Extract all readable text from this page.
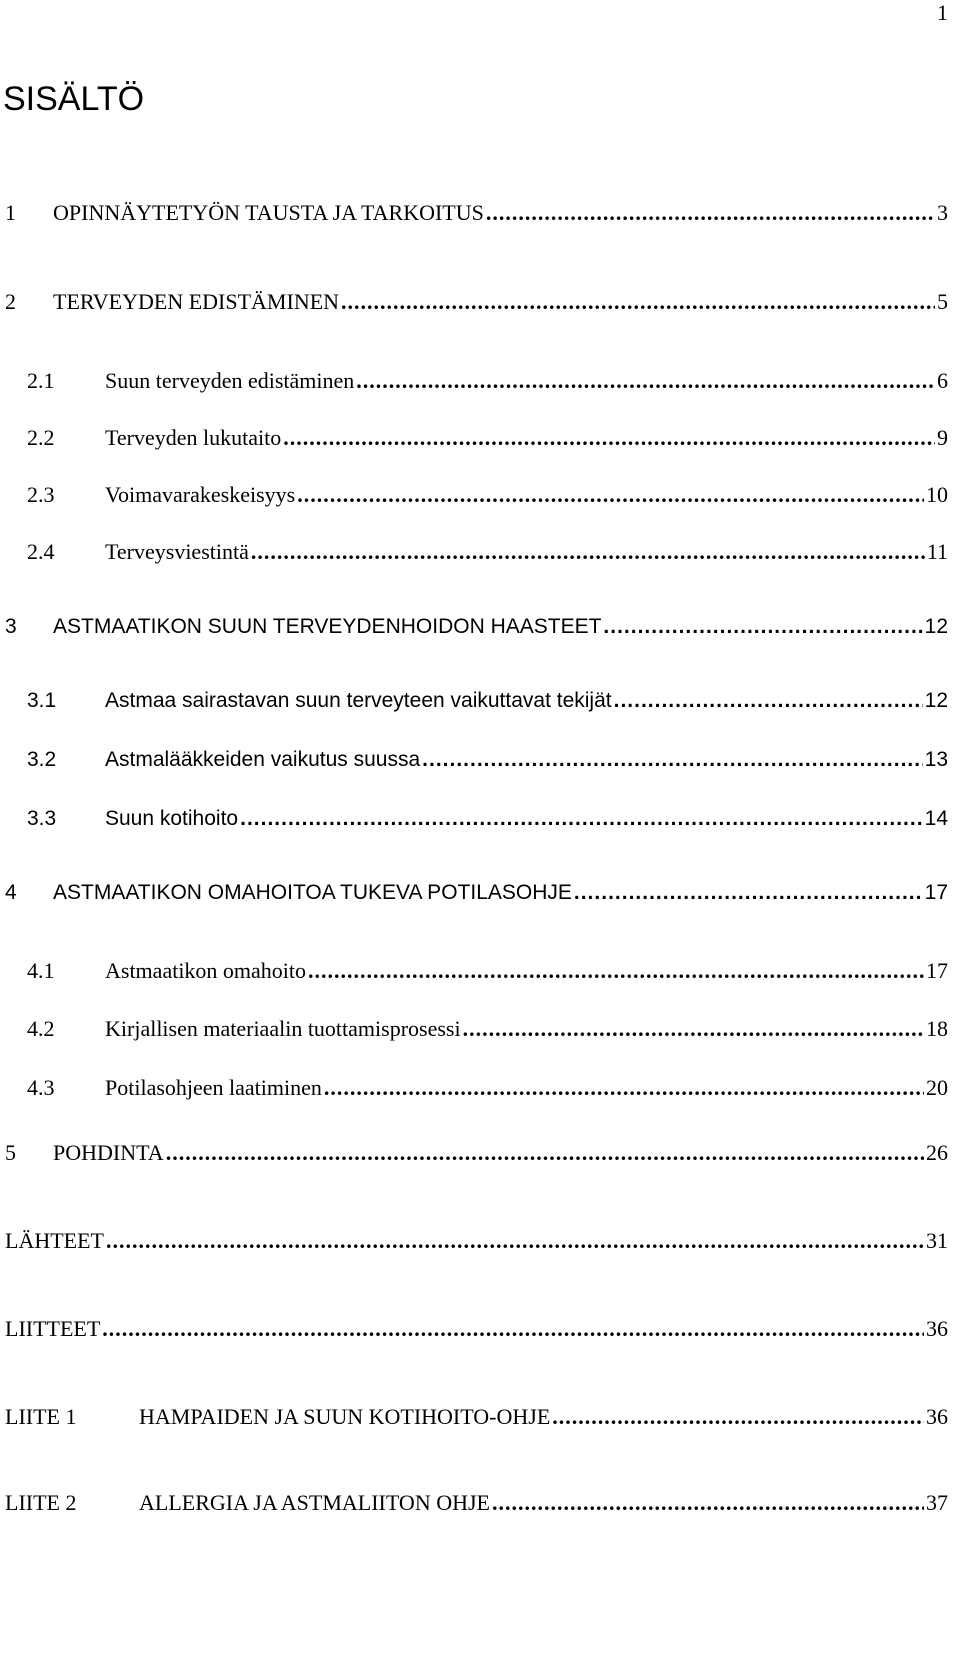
1
SISÄLTÖ
1	OPINNÄYTETYÖN TAUSTA JA TARKOITUS .....	3
2	TERVEYDEN EDISTÄMINEN .....	5
2.1	Suun terveyden edistäminen .....	6
2.2	Terveyden lukutaito .....	9
2.3	Voimavarakeskeisyys .....	10
2.4	Terveysviestintä .....	11
3	ASTMAATIKON SUUN TERVEYDENHOIDON HAASTEET .....	12
3.1	Astmaa sairastavan suun terveyteen vaikuttavat tekijät .....	12
3.2	Astmalääkkeiden vaikutus suussa .....	13
3.3	Suun kotihoito .....	14
4	ASTMAATIKON OMAHOITOA TUKEVA POTILASOHJE .....	17
4.1	Astmaatikon omahoito .....	17
4.2	Kirjallisen materiaalin tuottamisprosessi .....	18
4.3	Potilasohjeen laatiminen .....	20
5	POHDINTA .....	26
LÄHTEET .....	31
LIITTEET .....	36
LIITE 1	HAMPAIDEN JA SUUN KOTIHOITO-OHJE .....	36
LIITE 2	ALLERGIA JA ASTMALIITON OHJE .....	37
